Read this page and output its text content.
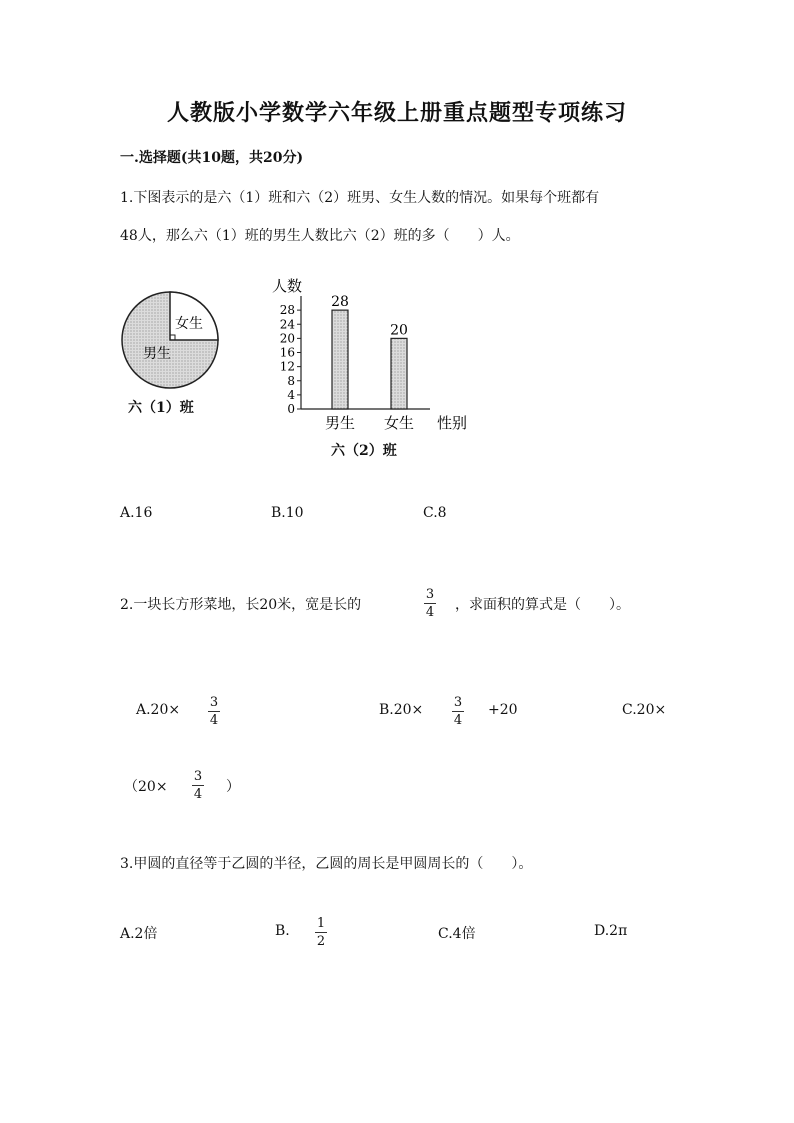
人教版小学数学六年级上册重点题型专项练习
一.选择题(共10题，共20分)
1.下图表示的是六（1）班和六（2）班男、女生人数的情况。如果每个班都有
48人，那么六（1）班的男生人数比六（2）班的多（　　）人。
女生
男生
六（1）班
人数
性别
0
4
8
12
16
20
24
28	28
男生
20
女生
六（2）班
A.16	B.10	C.8
2.一块长方形菜地，长20米，宽是长的
3
4 ，求面积的算式是（　　）。
A.20× 3
4
B.20× 3
4
+20	C.20×
（20×
3
4 ）
3.甲圆的直径等于乙圆的半径，乙圆的周长是甲圆周长的（　　）。
A.2倍	B. 1
2	C.4倍	D.2π
